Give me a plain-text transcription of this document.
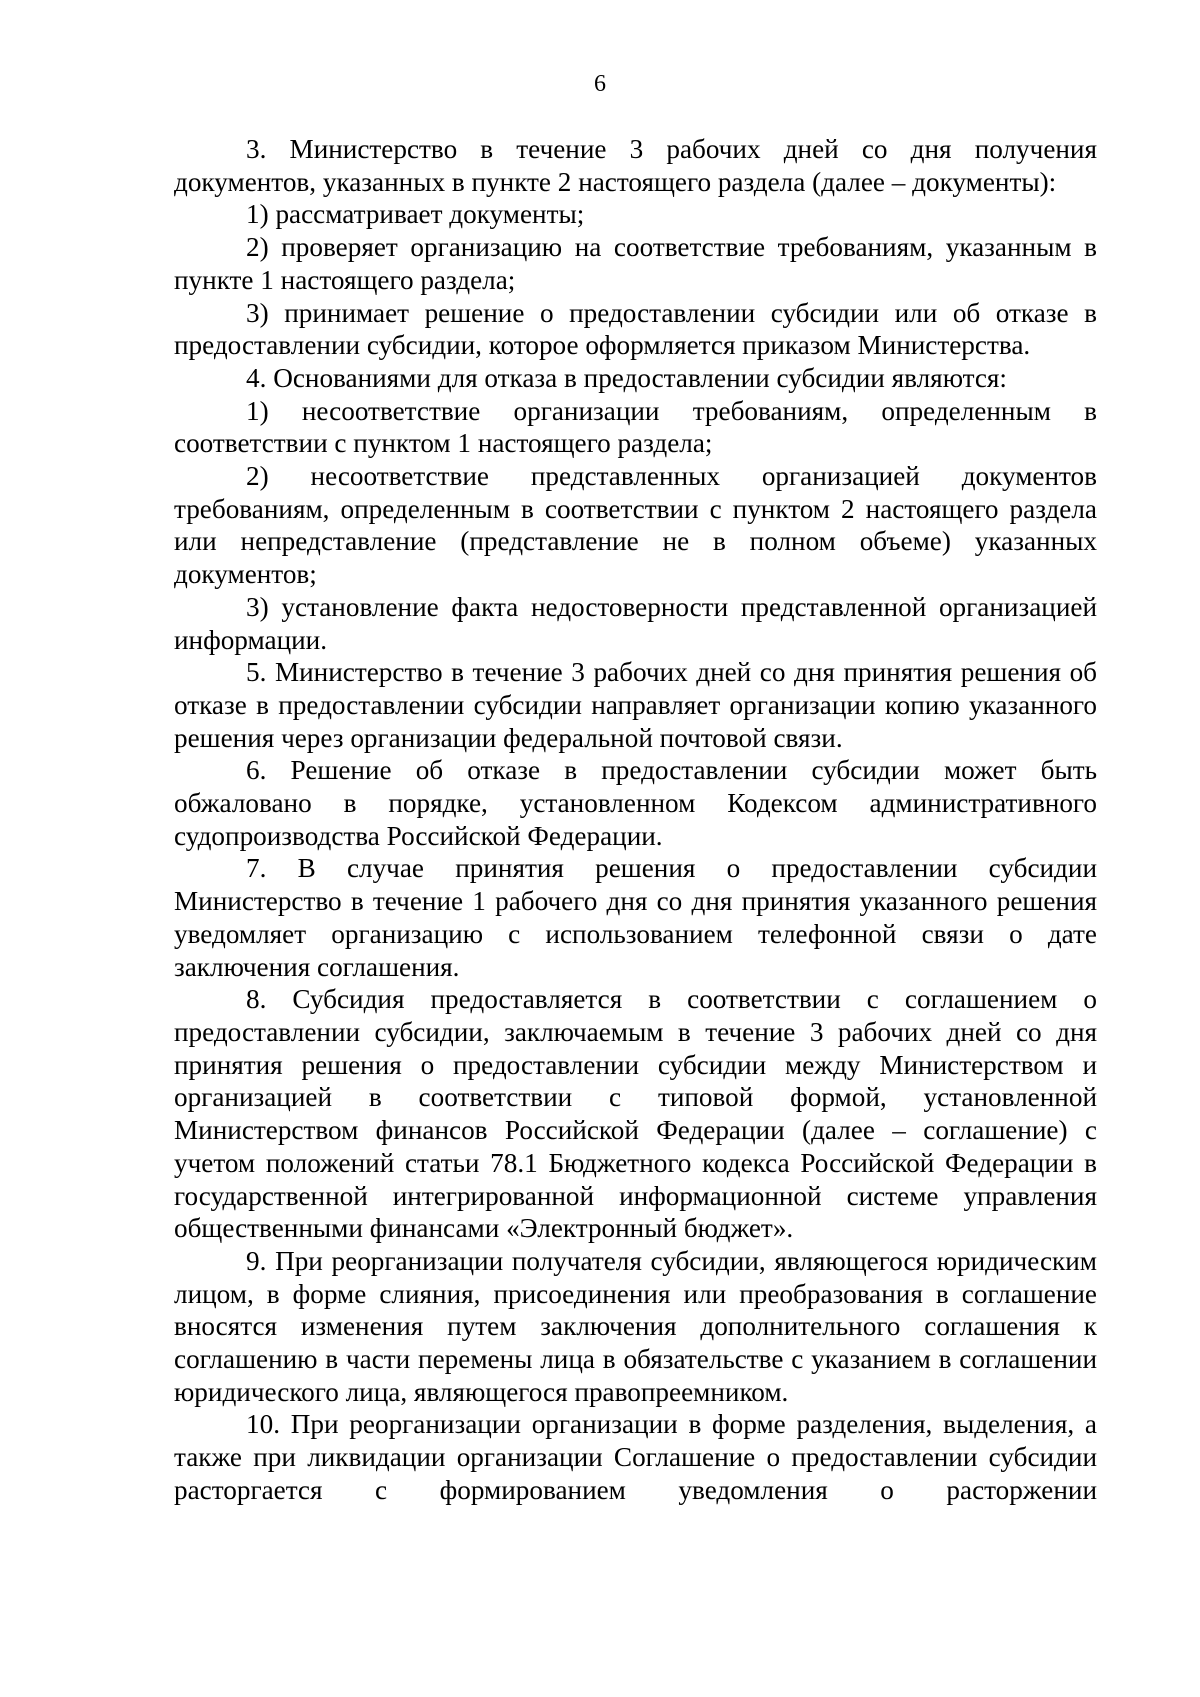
6

3. Министерство в течение 3 рабочих дней со дня получения документов, указанных в пункте 2 настоящего раздела (далее – документы):

1) рассматривает документы;

2) проверяет организацию на соответствие требованиям, указанным в пункте 1 настоящего раздела;

3) принимает решение о предоставлении субсидии или об отказе в предоставлении субсидии, которое оформляется приказом Министерства.

4. Основаниями для отказа в предоставлении субсидии являются:

1) несоответствие организации требованиям, определенным в соответствии с пунктом 1 настоящего раздела;

2) несоответствие представленных организацией документов требованиям, определенным в соответствии с пунктом 2 настоящего раздела или непредставление (представление не в полном объеме) указанных документов;

3) установление факта недостоверности представленной организацией информации.

5. Министерство в течение 3 рабочих дней со дня принятия решения об отказе в предоставлении субсидии направляет организации копию указанного решения через организации федеральной почтовой связи.

6. Решение об отказе в предоставлении субсидии может быть обжаловано в порядке, установленном Кодексом административного судопроизводства Российской Федерации.

7. В случае принятия решения о предоставлении субсидии Министерство в течение 1 рабочего дня со дня принятия указанного решения уведомляет организацию с использованием телефонной связи о дате заключения соглашения.

8. Субсидия предоставляется в соответствии с соглашением о предоставлении субсидии, заключаемым в течение 3 рабочих дней со дня принятия решения о предоставлении субсидии между Министерством и организацией в соответствии с типовой формой, установленной Министерством финансов Российской Федерации (далее – соглашение) с учетом положений статьи 78.1 Бюджетного кодекса Российской Федерации в государственной интегрированной информационной системе управления общественными финансами «Электронный бюджет».

9. При реорганизации получателя субсидии, являющегося юридическим лицом, в форме слияния, присоединения или преобразования в соглашение вносятся изменения путем заключения дополнительного соглашения к соглашению в части перемены лица в обязательстве с указанием в соглашении юридического лица, являющегося правопреемником.

10. При реорганизации организации в форме разделения, выделения, а также при ликвидации организации Соглашение о предоставлении субсидии расторгается с формированием уведомления о расторжении
